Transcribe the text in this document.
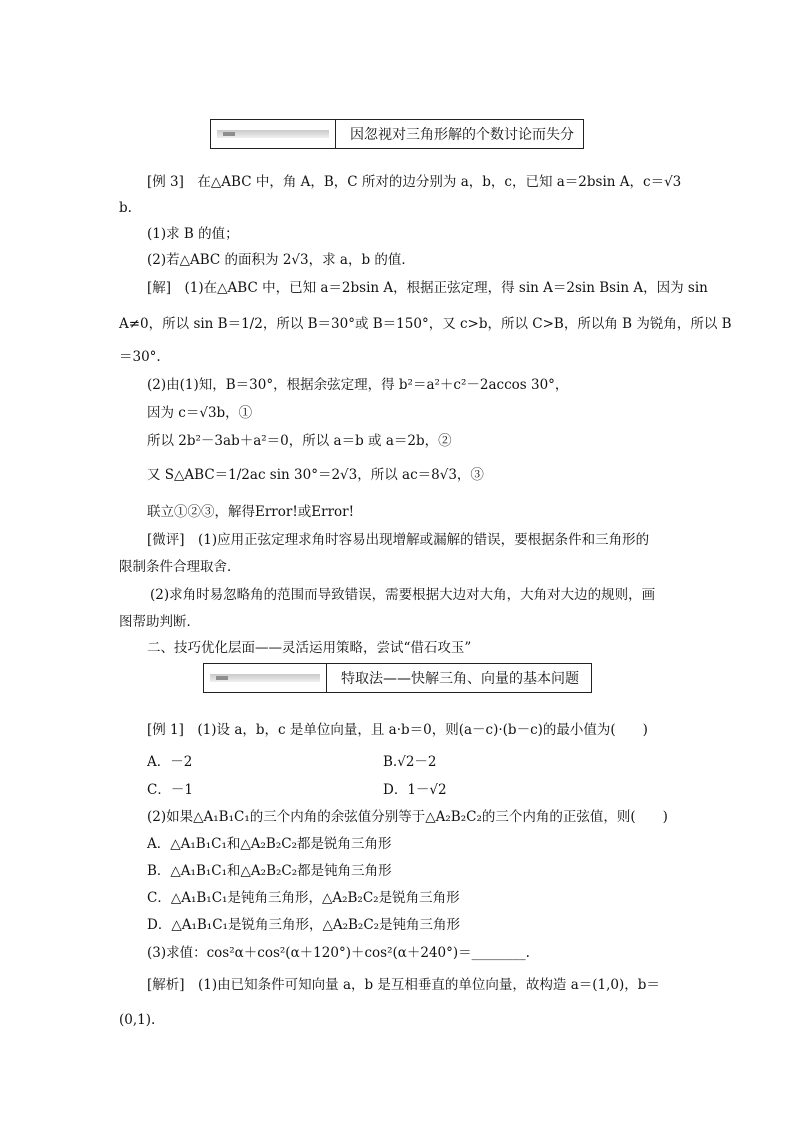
因忽视对三角形解的个数讨论而失分
[例 3]　在△ABC 中，角 A，B，C 所对的边分别为 a，b，c，已知 a＝2bsin A，c＝√3
b.
(1)求 B 的值；
(2)若△ABC 的面积为 2√3，求 a，b 的值．
[解]　(1)在△ABC 中，已知 a＝2bsin A，根据正弦定理，得 sin A＝2sin Bsin A，因为 sin
A≠0，所以 sin B＝1/2，所以 B＝30°或 B＝150°，又 c>b，所以 C>B，所以角 B 为锐角，所以 B
＝30°.
(2)由(1)知，B＝30°，根据余弦定理，得 b²＝a²＋c²－2accos 30°，
因为 c＝√3b，①
所以 2b²－3ab＋a²＝0，所以 a＝b 或 a＝2b，②
又 S△ABC＝1/2ac sin 30°＝2√3，所以 ac＝8√3，③
联立①②③，解得Error!或Error!
[微评]　(1)应用正弦定理求角时容易出现增解或漏解的错误，要根据条件和三角形的
限制条件合理取舍．
(2)求角时易忽略角的范围而导致错误，需要根据大边对大角，大角对大边的规则，画
图帮助判断．
二、技巧优化层面——灵活运用策略，尝试“借石攻玉”
特取法——快解三角、向量的基本问题
[例 1]　(1)设 a，b，c 是单位向量，且 a·b＝0，则(a－c)·(b－c)的最小值为(　　)
A．－2	B.√2－2
C．－1	D．1－√2
(2)如果△A₁B₁C₁的三个内角的余弦值分别等于△A₂B₂C₂的三个内角的正弦值，则(　　)
A．△A₁B₁C₁和△A₂B₂C₂都是锐角三角形
B．△A₁B₁C₁和△A₂B₂C₂都是钝角三角形
C．△A₁B₁C₁是钝角三角形，△A₂B₂C₂是锐角三角形
D．△A₁B₁C₁是锐角三角形，△A₂B₂C₂是钝角三角形
(3)求值：cos²α＋cos²(α＋120°)＋cos²(α＋240°)＝________.
[解析]　(1)由已知条件可知向量 a，b 是互相垂直的单位向量，故构造 a＝(1,0)，b＝
(0,1).
